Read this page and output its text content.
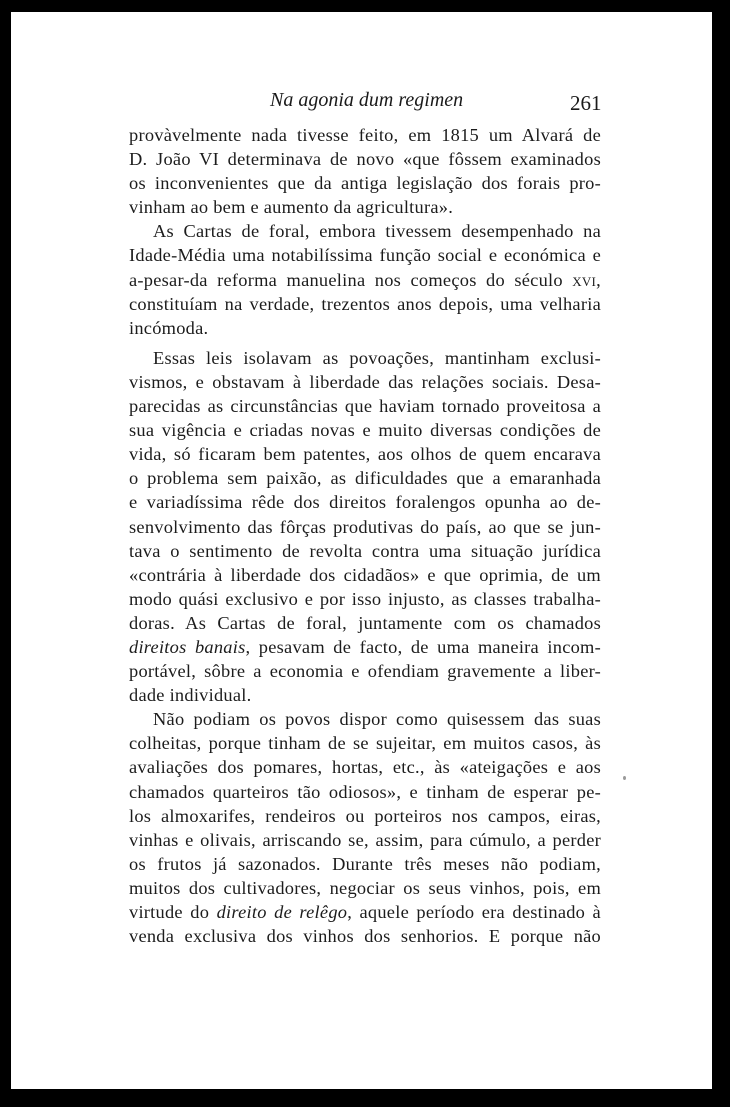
Na agonia dum regimen	261

provàvelmente nada tivesse feito, em 1815 um Alvará de
D. João VI determinava de novo «que fôssem examinados
os inconvenientes que da antiga legislação dos forais pro-
vinham ao bem e aumento da agricultura».

As Cartas de foral, embora tivessem desempenhado na
Idade-Média uma notabilíssima função social e económica e
a-pesar-da reforma manuelina nos começos do século xvi,
constituíam na verdade, trezentos anos depois, uma velharia
incómoda.

Essas leis isolavam as povoações, mantinham exclusi-
vismos, e obstavam à liberdade das relações sociais. Desa-
parecidas as circunstâncias que haviam tornado proveitosa a
sua vigência e criadas novas e muito diversas condições de
vida, só ficaram bem patentes, aos olhos de quem encarava
o problema sem paixão, as dificuldades que a emaranhada
e variadíssima rêde dos direitos foralengos opunha ao de-
senvolvimento das fôrças produtivas do país, ao que se jun-
tava o sentimento de revolta contra uma situação jurídica
«contrária à liberdade dos cidadãos» e que oprimia, de um
modo quási exclusivo e por isso injusto, as classes trabalha-
doras. As Cartas de foral, juntamente com os chamados
direitos banais, pesavam de facto, de uma maneira incom-
portável, sôbre a economia e ofendiam gravemente a liber-
dade individual.

Não podiam os povos dispor como quisessem das suas
colheitas, porque tinham de se sujeitar, em muitos casos, às
avaliações dos pomares, hortas, etc., às «ateigações e aos
chamados quarteiros tão odiosos», e tinham de esperar pe-
los almoxarifes, rendeiros ou porteiros nos campos, eiras,
vinhas e olivais, arriscando se, assim, para cúmulo, a perder
os frutos já sazonados. Durante três meses não podiam,
muitos dos cultivadores, negociar os seus vinhos, pois, em
virtude do direito de relêgo, aquele período era destinado à
venda exclusiva dos vinhos dos senhorios. E porque não
